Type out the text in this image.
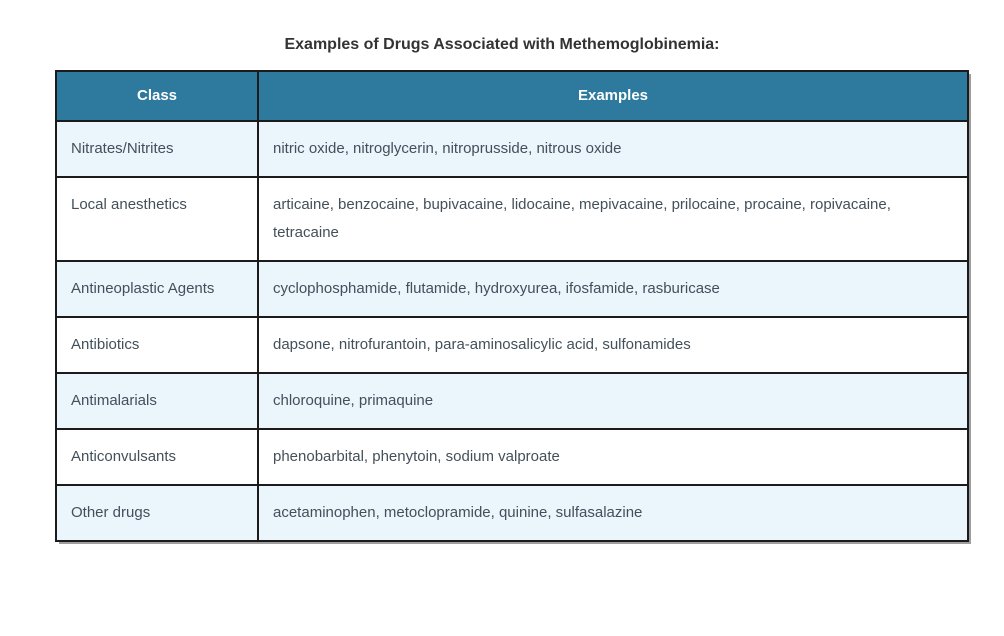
Examples of Drugs Associated with Methemoglobinemia:
Class	Examples
Nitrates/Nitrites	nitric oxide, nitroglycerin, nitroprusside, nitrous oxide
Local anesthetics	articaine, benzocaine, bupivacaine, lidocaine, mepivacaine, prilocaine, procaine, ropivacaine, tetracaine
Antineoplastic Agents	cyclophosphamide, flutamide, hydroxyurea, ifosfamide, rasburicase
Antibiotics	dapsone, nitrofurantoin, para-aminosalicylic acid, sulfonamides
Antimalarials	chloroquine, primaquine
Anticonvulsants	phenobarbital, phenytoin, sodium valproate
Other drugs	acetaminophen, metoclopramide, quinine, sulfasalazine
